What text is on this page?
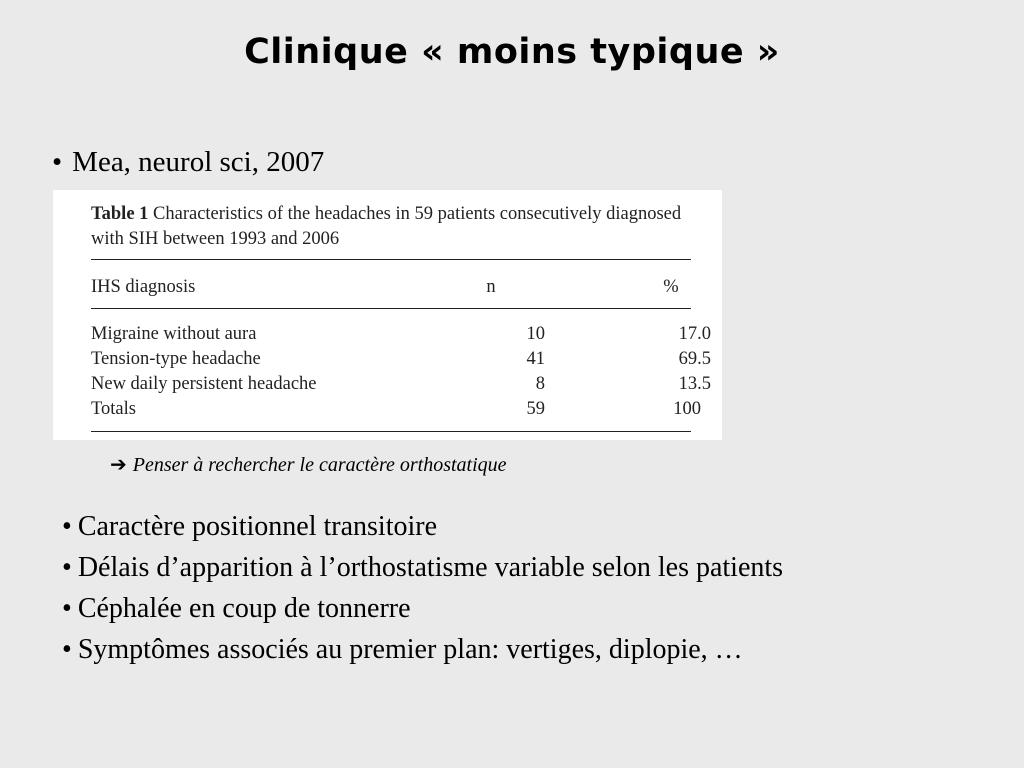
Clinique « moins typique »
• Mea, neurol sci, 2007
Table 1 Characteristics of the headaches in 59 patients consecutively diagnosed with SIH between 1993 and 2006
IHS diagnosis	n	%
Migraine without aura	10	17.0
Tension-type headache	41	69.5
New daily persistent headache	8	13.5
Totals	59	100
➔ Penser à rechercher le caractère orthostatique
• Caractère positionnel transitoire
• Délais d’apparition à l’orthostatisme variable selon les patients
• Céphalée en coup de tonnerre
• Symptômes associés au premier plan: vertiges, diplopie, …
